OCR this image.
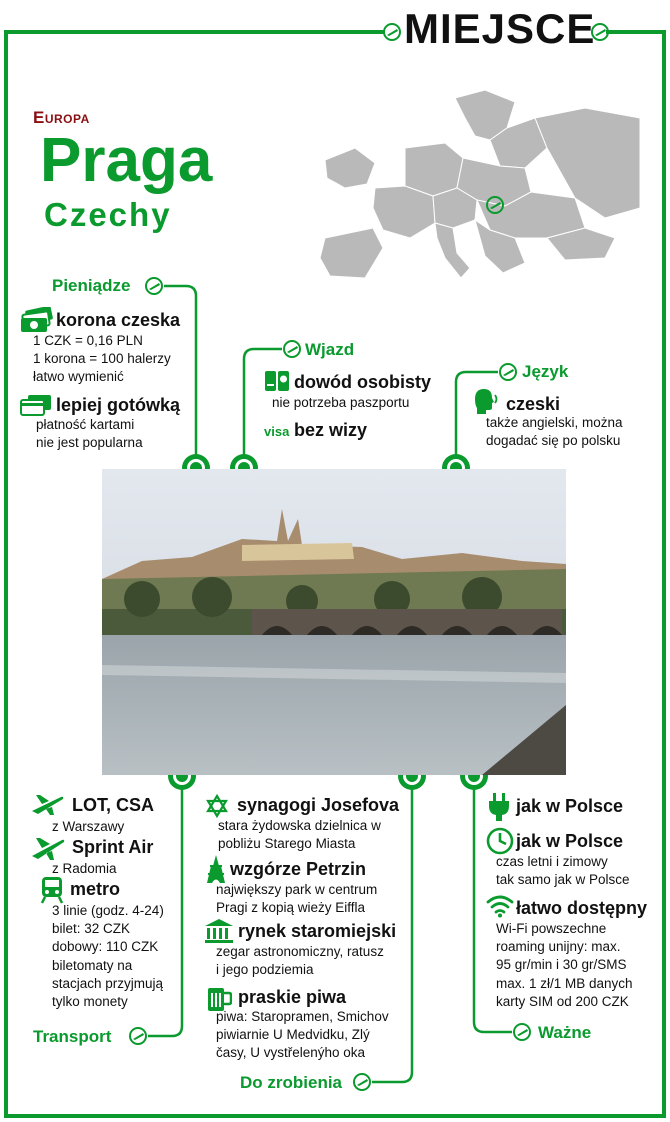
MIEJSCE
Europa
Praga
Czechy
Pieniądze
korona czeska
1 CZK = 0,16 PLN
1 korona = 100 halerzy
łatwo wymienić
lepiej gotówką
płatność kartami
nie jest popularna
Wjazd
dowód osobisty
nie potrzeba paszportu
visa bez wizy
Język
czeski
także angielski, można
dogadać się po polsku
LOT, CSA
z Warszawy
Sprint Air
z Radomia
metro
3 linie (godz. 4-24)
bilet: 32 CZK
dobowy: 110 CZK
biletomaty na
stacjach przyjmują
tylko monety
Transport
synagogi Josefova
stara żydowska dzielnica w
pobliżu Starego Miasta
wzgórze Petrzin
największy park w centrum
Pragi z kopią wieży Eiffla
rynek staromiejski
zegar astronomiczny, ratusz
i jego podziemia
praskie piwa
piwa: Staropramen, Smichov
piwiarnie U Medvidku, Zlý
časy, U vystřelenýho oka
Do zrobienia
jak w Polsce
jak w Polsce
czas letni i zimowy
tak samo jak w Polsce
łatwo dostępny
Wi-Fi powszechne
roaming unijny: max.
95 gr/min i 30 gr/SMS
max. 1 zł/1 MB danych
karty SIM od 200 CZK
Ważne
